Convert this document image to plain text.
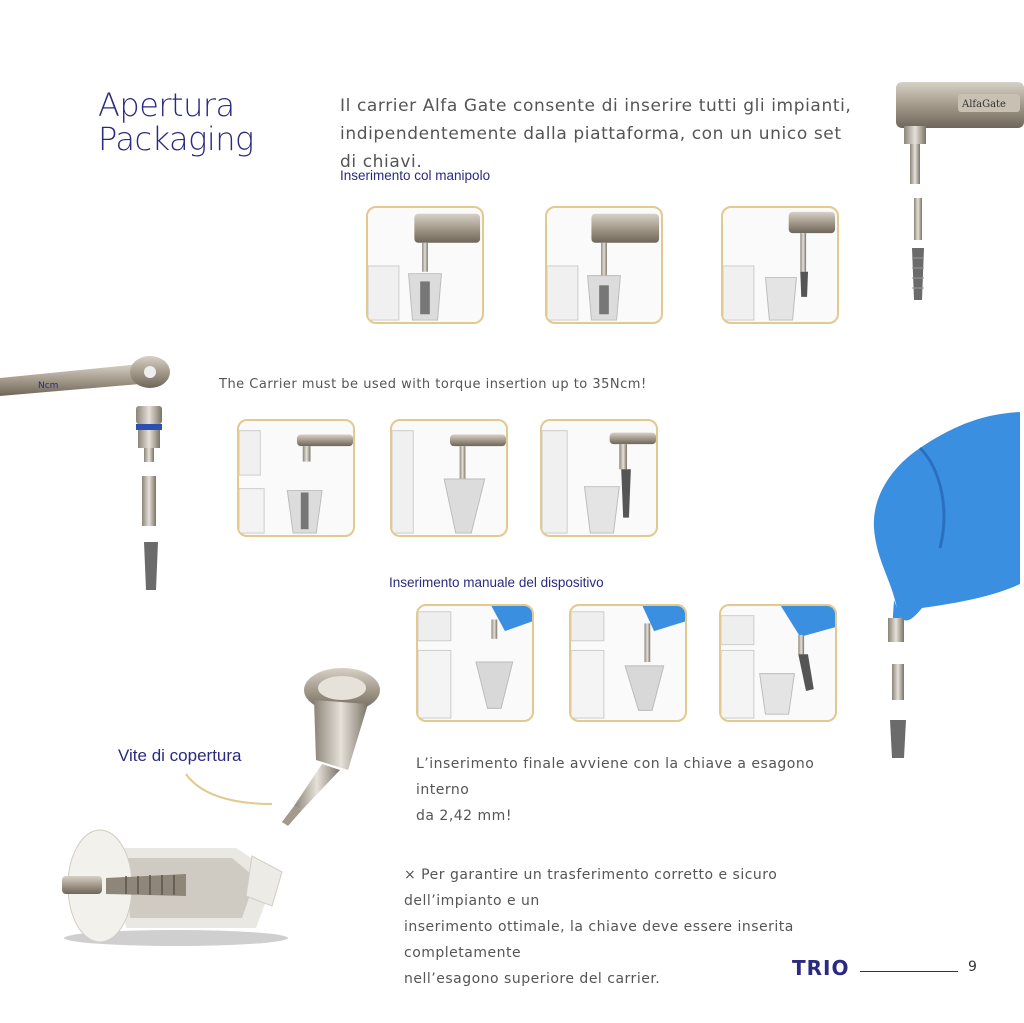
Apertura
Packaging
Il carrier Alfa Gate consente di inserire tutti gli impianti,
indipendentemente dalla piattaforma, con un unico set di chiavi.
Inserimento col manipolo
The Carrier must be used with torque insertion up to 35Ncm!
Inserimento manuale del dispositivo
Vite di copertura	L’inserimento finale avviene con la chiave a esagono interno
da 2,42 mm!
× Per garantire un trasferimento corretto e sicuro dell’impianto e un
inserimento ottimale, la chiave deve essere inserita completamente
nell’esagono superiore del carrier.	TRIO	9
AlfaGate
Ncm
